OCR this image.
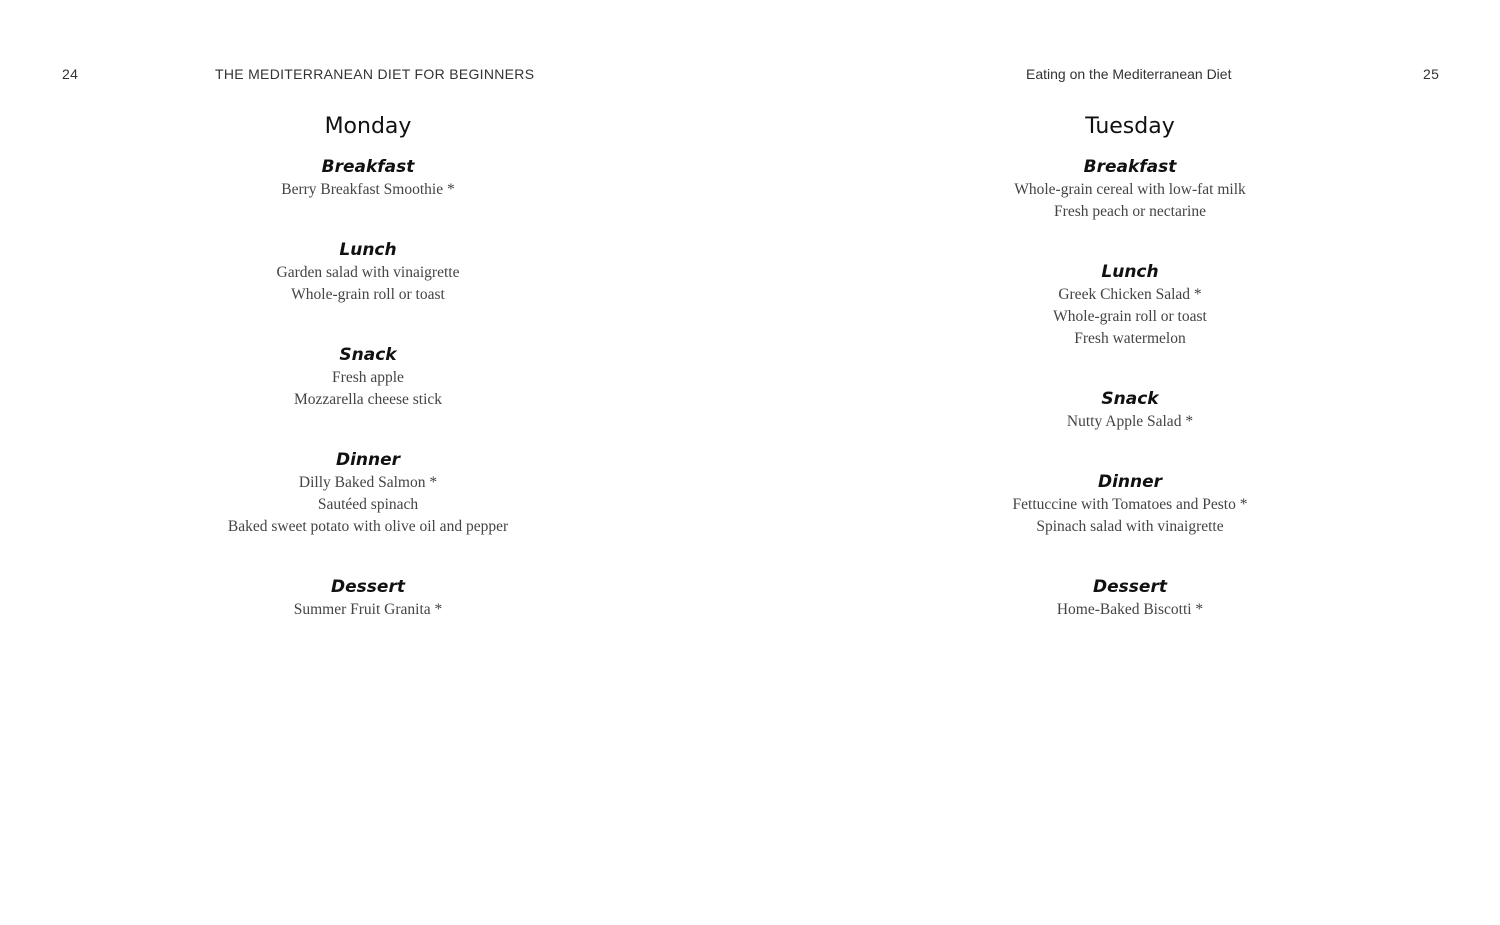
24	THE MEDITERRANEAN DIET FOR BEGINNERS	Eating on the Mediterranean Diet	25
Monday
Breakfast
Berry Breakfast Smoothie *
Lunch
Garden salad with vinaigrette
Whole-grain roll or toast
Snack
Fresh apple
Mozzarella cheese stick
Dinner
Dilly Baked Salmon *
Sautéed spinach
Baked sweet potato with olive oil and pepper
Dessert
Summer Fruit Granita *
Tuesday
Breakfast
Whole-grain cereal with low-fat milk
Fresh peach or nectarine
Lunch
Greek Chicken Salad *
Whole-grain roll or toast
Fresh watermelon
Snack
Nutty Apple Salad *
Dinner
Fettuccine with Tomatoes and Pesto *
Spinach salad with vinaigrette
Dessert
Home-Baked Biscotti *
